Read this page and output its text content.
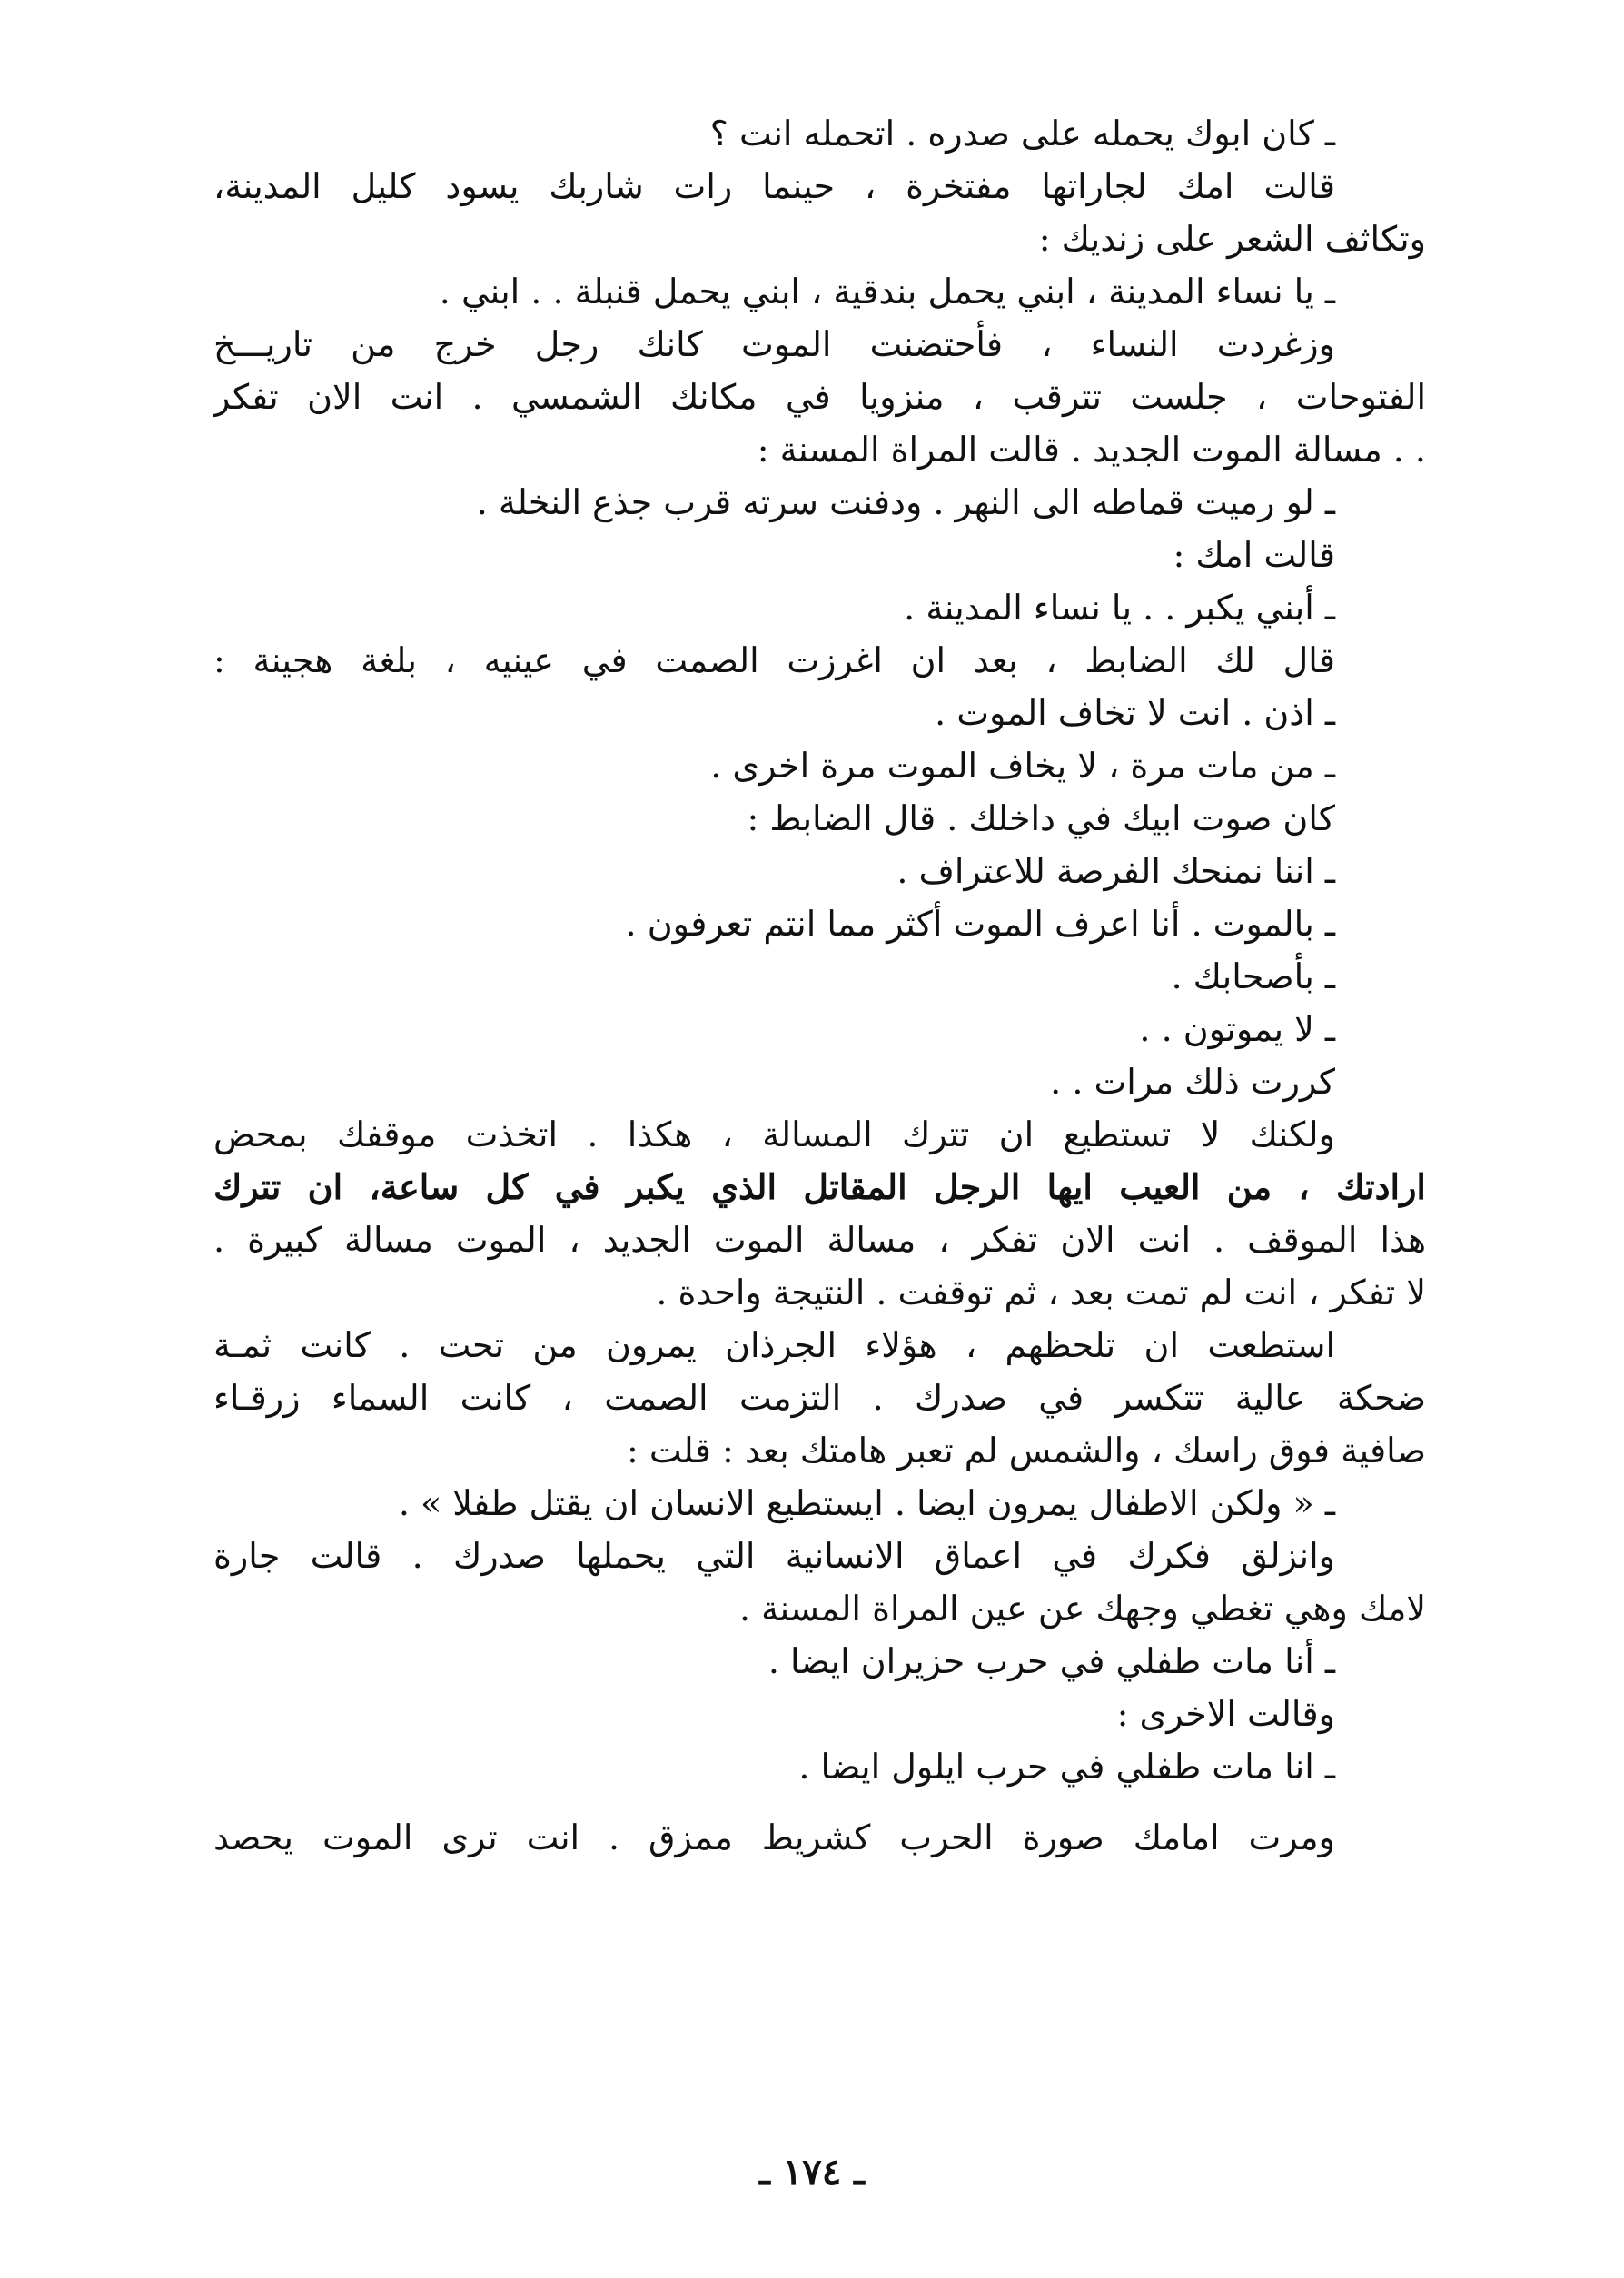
ـ كان ابوك يحمله على صدره . اتحمله انت ؟
قالت امك لجاراتها مفتخرة ، حينما رات شاربك يسود كليل المدينة،
وتكاثف الشعر على زنديك :
ـ يا نساء المدينة ، ابني يحمل بندقية ، ابني يحمل قنبلة . . ابني .
وزغردت النساء ، فأحتضنت الموت كانك رجل خرج من تاريـــخ
الفتوحات ، جلست تترقب ، منزويا في مكانك الشمسي . انت الان تفكر
. . مسالة الموت الجديد . قالت المراة المسنة :
ـ لو رميت قماطه الى النهر . ودفنت سرته قرب جذع النخلة .
قالت امك :
ـ أبني يكبر . . يا نساء المدينة .
قال لك الضابط ، بعد ان اغرزت الصمت في عينيه ، بلغة هجينة :
ـ اذن . انت لا تخاف الموت .
ـ من مات مرة ، لا يخاف الموت مرة اخرى .
كان صوت ابيك في داخلك . قال الضابط :
ـ اننا نمنحك الفرصة للاعتراف .
ـ بالموت . أنا اعرف الموت أكثر مما انتم تعرفون .
ـ بأصحابك .
ـ لا يموتون . .
كررت ذلك مرات . .
ولكنك لا تستطيع ان تترك المسالة ، هكذا . اتخذت موقفك بمحض
ارادتك ، من العيب ايها الرجل المقاتل الذي يكبر في كل ساعة، ان تترك
هذا الموقف . انت الان تفكر ، مسالة الموت الجديد ، الموت مسالة كبيرة .
لا تفكر ، انت لم تمت بعد ، ثم توقفت . النتيجة واحدة .
استطعت ان تلحظهم ، هؤلاء الجرذان يمرون من تحت . كانت ثمـة
ضحكة عالية تتكسر في صدرك . التزمت الصمت ، كانت السماء زرقـاء
صافية فوق راسك ، والشمس لم تعبر هامتك بعد : قلت :
ـ « ولكن الاطفال يمرون ايضا . ايستطيع الانسان ان يقتل طفلا » .
وانزلق فكرك في اعماق الانسانية التي يحملها صدرك . قالت جارة
لامك وهي تغطي وجهك عن عين المراة المسنة .
ـ أنا مات طفلي في حرب حزيران ايضا .
وقالت الاخرى :
ـ انا مات طفلي في حرب ايلول ايضا .
ومرت امامك صورة الحرب كشريط ممزق . انت ترى الموت يحصد
ـ ١٧٤ ـ
